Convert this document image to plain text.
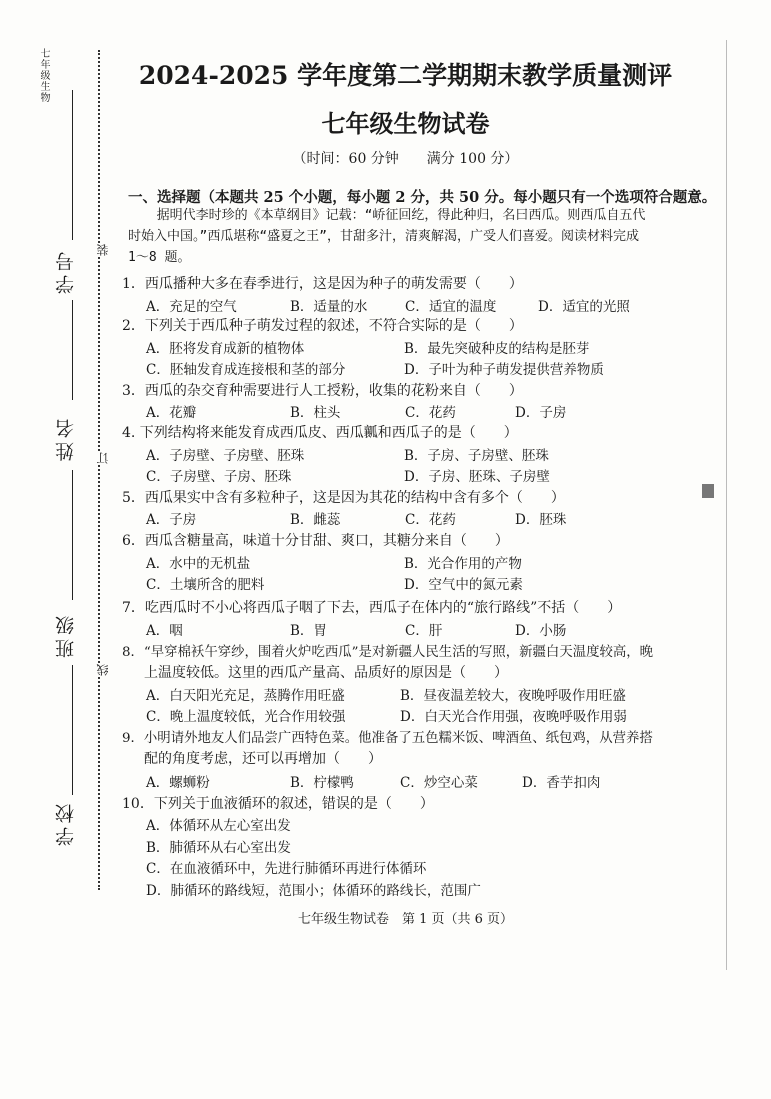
七年级生物
学号
姓名
班级
学校
装
订
线
2024-2025 学年度第二学期期末教学质量测评
七年级生物试卷
（时间：60 分钟　　满分 100 分）
一、选择题（本题共 25 个小题，每小题 2 分，共 50 分。每小题只有一个选项符合题意。
据明代李时珍的《本草纲目》记载：“峤征回纥，得此种归，名曰西瓜。则西瓜自五代时始入中国。”西瓜堪称“盛夏之王”，甘甜多汁，清爽解渴，广受人们喜爱。阅读材料完成 1～8 题。
1．西瓜播种大多在春季进行，这是因为种子的萌发需要（　　）
A．充足的空气	B．适量的水	C．适宜的温度	D．适宜的光照
2．下列关于西瓜种子萌发过程的叙述，不符合实际的是（　　）
A．胚将发育成新的植物体	B．最先突破种皮的结构是胚芽
C．胚轴发育成连接根和茎的部分	D．子叶为种子萌发提供营养物质
3．西瓜的杂交育种需要进行人工授粉，收集的花粉来自（　　）
A．花瓣	B．柱头	C．花药	D．子房
4. 下列结构将来能发育成西瓜皮、西瓜瓤和西瓜子的是（　　）
A．子房壁、子房壁、胚珠	B．子房、子房壁、胚珠
C．子房壁、子房、胚珠	D．子房、胚珠、子房壁
5．西瓜果实中含有多粒种子，这是因为其花的结构中含有多个（　　）
A．子房	B．雌蕊	C．花药	D．胚珠
6．西瓜含糖量高，味道十分甘甜、爽口，其糖分来自（　　）
A．水中的无机盐	B．光合作用的产物
C．土壤所含的肥料	D．空气中的氮元素
7．吃西瓜时不小心将西瓜子咽了下去，西瓜子在体内的“旅行路线”不括（　　）
A．咽	B．胃	C．肝	D．小肠
8．“早穿棉袄午穿纱，围着火炉吃西瓜”是对新疆人民生活的写照，新疆白天温度较高，晚
上温度较低。这里的西瓜产量高、品质好的原因是（　　）
A．白天阳光充足，蒸腾作用旺盛	B．昼夜温差较大，夜晚呼吸作用旺盛
C．晚上温度较低，光合作用较强	D．白天光合作用强，夜晚呼吸作用弱
9．小明请外地友人们品尝广西特色菜。他准备了五色糯米饭、啤酒鱼、纸包鸡，从营养搭
配的角度考虑，还可以再增加（　　）
A．螺蛳粉	B．柠檬鸭	C．炒空心菜	D．香芋扣肉
10．下列关于血液循环的叙述，错误的是（　　）
A．体循环从左心室出发
B．肺循环从右心室出发
C．在血液循环中，先进行肺循环再进行体循环
D．肺循环的路线短，范围小；体循环的路线长，范围广
七年级生物试卷　第 1 页（共 6 页）
